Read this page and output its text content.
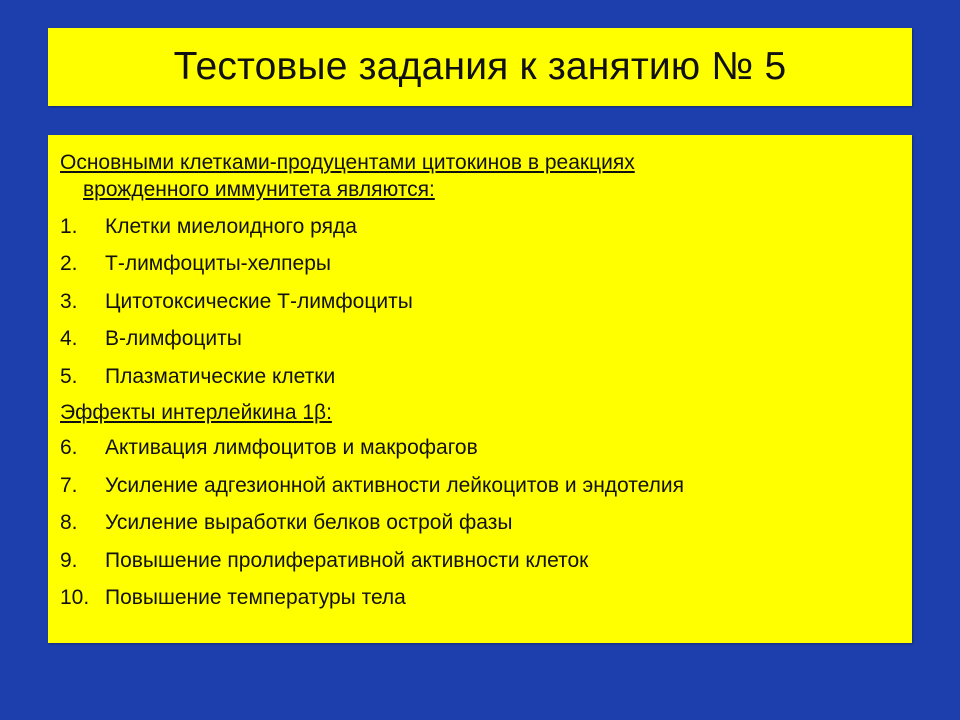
Тестовые задания к занятию № 5

Основными клетками-продуцентами цитокинов в реакциях
врожденного иммунитета являются:

1.	Клетки миелоидного ряда
2.	Т-лимфоциты-хелперы
3.	Цитотоксические Т-лимфоциты
4.	В-лимфоциты
5.	Плазматические клетки

Эффекты интерлейкина 1β:

6.	Активация лимфоцитов и макрофагов
7.	Усиление адгезионной активности лейкоцитов и эндотелия
8.	Усиление выработки белков острой фазы
9.	Повышение пролиферативной активности клеток
10. Повышение температуры тела
